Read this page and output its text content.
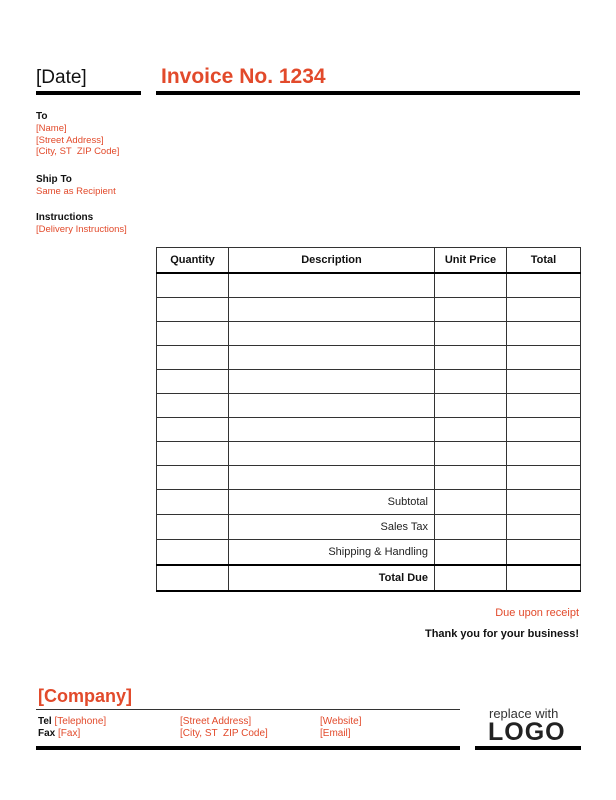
[Date]	Invoice No. 1234
To
[Name]
[Street Address]
[City, ST  ZIP Code]
Ship To
Same as Recipient
Instructions
[Delivery Instructions]
Quantity	Description	Unit Price	Total

	Subtotal		
	Sales Tax		
	Shipping & Handling		
	Total Due		
Due upon receipt
Thank you for your business!
[Company]
Tel [Telephone]
Fax [Fax]
[Street Address]
[City, ST  ZIP Code]
[Website]
[Email]
replace with
LOGO
